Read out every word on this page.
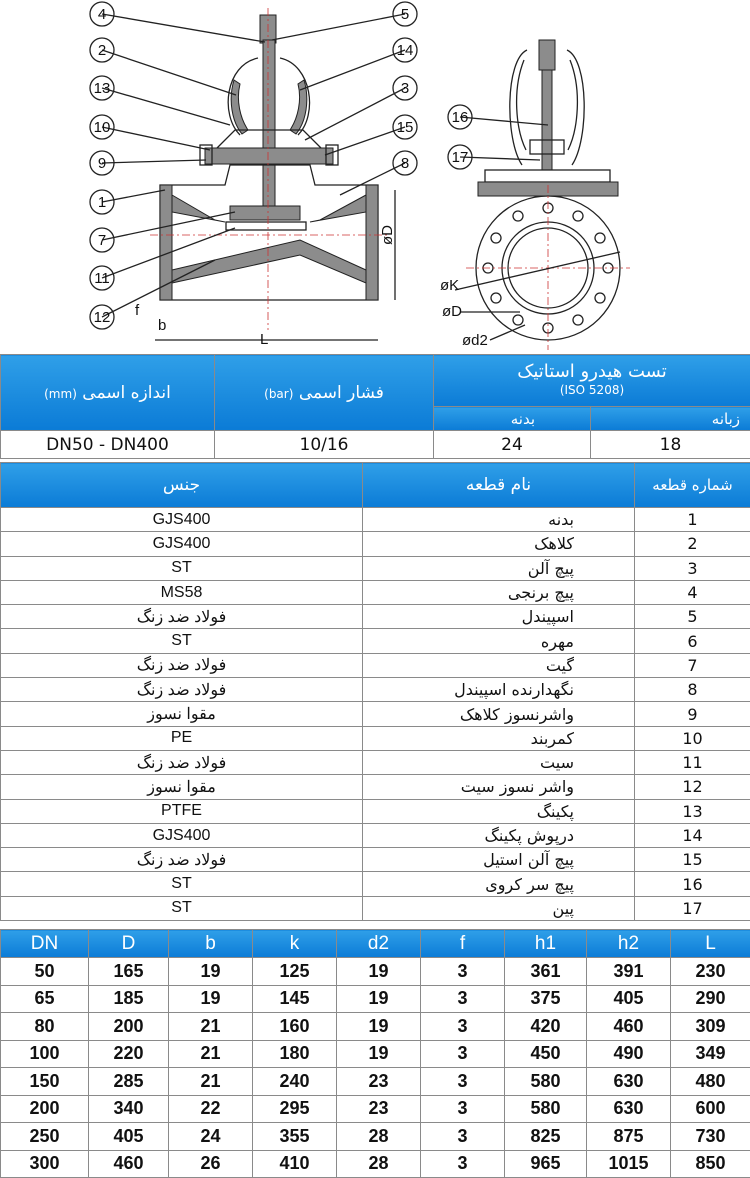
L
øD
f
b
4	5
2	14
13	3
10	15
9	8
1
7
11
12
øK
øD
ød2
16
17
اندازه اسمی (mm)	فشار اسمی (bar)	تست هیدرو استاتیک
(ISO 5208)	

		بدنه	زبانه
DN50 - DN400	10/16	24	18
جنس	نام قطعه	شماره قطعه
GJS400	بدنه	1
GJS400	کلاهک	2
ST	پیچ آلن	3
MS58	پیچ برنجی	4
فولاد ضد زنگ	اسپیندل	5
ST	مهره	6
فولاد ضد زنگ	گیت	7
فولاد ضد زنگ	نگهدارنده اسپیندل	8
مقوا نسوز	واشرنسوز کلاهک	9
PE	کمربند	10
فولاد ضد زنگ	سیت	11
مقوا نسوز	واشر نسوز سیت	12
PTFE	پکینگ	13
GJS400	درپوش پکینگ	14
فولاد ضد زنگ	پیچ آلن استیل	15
ST	پیچ سر کروی	16
ST	پین	17
DN	D	b	k	d2	f	h1	h2	L
50	165	19	125	19	3	361	391	230
65	185	19	145	19	3	375	405	290
80	200	21	160	19	3	420	460	309
100	220	21	180	19	3	450	490	349
150	285	21	240	23	3	580	630	480
200	340	22	295	23	3	580	630	600
250	405	24	355	28	3	825	875	730
300	460	26	410	28	3	965	1015	850
